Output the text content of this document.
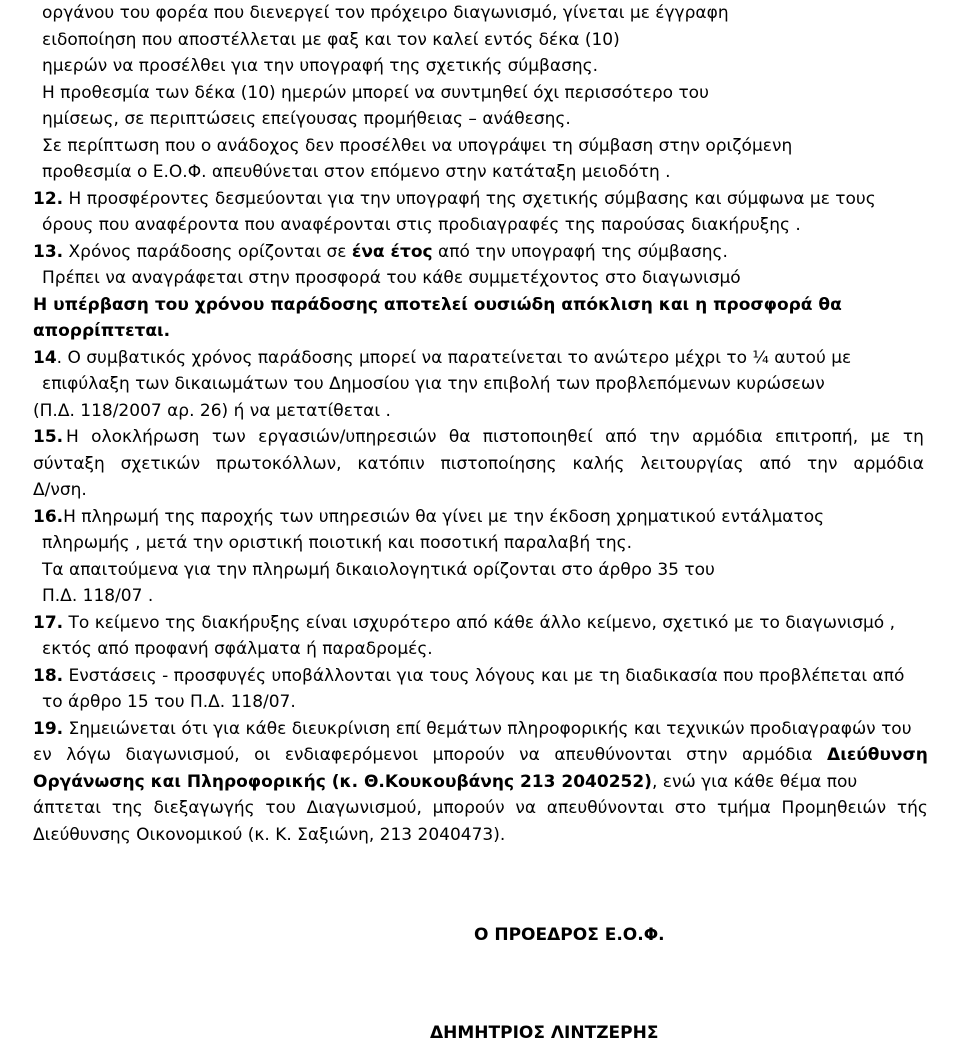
οργάνου του φορέα που διενεργεί τον πρόχειρο διαγωνισμό, γίνεται με έγγραφη
ειδοποίηση που αποστέλλεται με φαξ και τον καλεί εντός δέκα (10)
ημερών να προσέλθει για την υπογραφή της σχετικής σύμβασης.
Η προθεσμία των δέκα (10) ημερών μπορεί να συντμηθεί όχι περισσότερο του
ημίσεως, σε περιπτώσεις επείγουσας προμήθειας – ανάθεσης.
Σε περίπτωση που ο ανάδοχος δεν προσέλθει να υπογράψει τη σύμβαση στην οριζόμενη
προθεσμία ο Ε.Ο.Φ. απευθύνεται στον επόμενο στην κατάταξη μειοδότη .
12. Η προσφέροντες δεσμεύονται για την υπογραφή της σχετικής σύμβασης και σύμφωνα με τους
όρους που αναφέροντα που αναφέρονται στις προδιαγραφές της παρούσας διακήρυξης .
13. Χρόνος παράδοσης ορίζονται σε ένα έτος από την υπογραφή της σύμβασης.
Πρέπει να αναγράφεται στην προσφορά του κάθε συμμετέχοντος στο διαγωνισμό
Η υπέρβαση του χρόνου παράδοσης αποτελεί ουσιώδη απόκλιση και η προσφορά θα
απορρίπτεται.
14. Ο συμβατικός χρόνος παράδοσης μπορεί να παρατείνεται το ανώτερο μέχρι το ¼ αυτού με
επιφύλαξη των δικαιωμάτων του Δημοσίου για την επιβολή των προβλεπόμενων κυρώσεων
(Π.Δ. 118/2007 αρ. 26) ή να μετατίθεται .
15. Η ολοκλήρωση των εργασιών/υπηρεσιών θα πιστοποιηθεί από την αρμόδια επιτροπή, με τη
σύνταξη σχετικών πρωτοκόλλων, κατόπιν πιστοποίησης καλής λειτουργίας από την αρμόδια
Δ/νση.
16.Η πληρωμή της παροχής των υπηρεσιών θα γίνει με την έκδοση χρηματικού εντάλματος
πληρωμής , μετά την οριστική ποιοτική και ποσοτική παραλαβή της.
Τα απαιτούμενα για την πληρωμή δικαιολογητικά ορίζονται στο άρθρο 35 του
Π.Δ. 118/07 .
17. Το κείμενο της διακήρυξης είναι ισχυρότερο από κάθε άλλο κείμενο, σχετικό με το διαγωνισμό ,
εκτός από προφανή σφάλματα ή παραδρομές.
18. Ενστάσεις - προσφυγές υποβάλλονται για τους λόγους και με τη διαδικασία που προβλέπεται από
το άρθρο 15 του Π.Δ. 118/07.
19. Σημειώνεται ότι για κάθε διευκρίνιση επί θεμάτων πληροφορικής και τεχνικών προδιαγραφών του
εν λόγω διαγωνισμού, οι ενδιαφερόμενοι μπορούν να απευθύνονται στην αρμόδια Διεύθυνση
Οργάνωσης και Πληροφορικής (κ. Θ.Κουκουβάνης 213 2040252), ενώ για κάθε θέμα που
άπτεται της διεξαγωγής του Διαγωνισμού, μπορούν να απευθύνονται στο τμήμα Προμηθειών τής
Διεύθυνσης Οικονομικού (κ. Κ. Σαξιώνη, 213 2040473).
Ο ΠΡΟΕΔΡΟΣ Ε.Ο.Φ.
ΔΗΜΗΤΡΙΟΣ ΛΙΝΤΖΕΡΗΣ
